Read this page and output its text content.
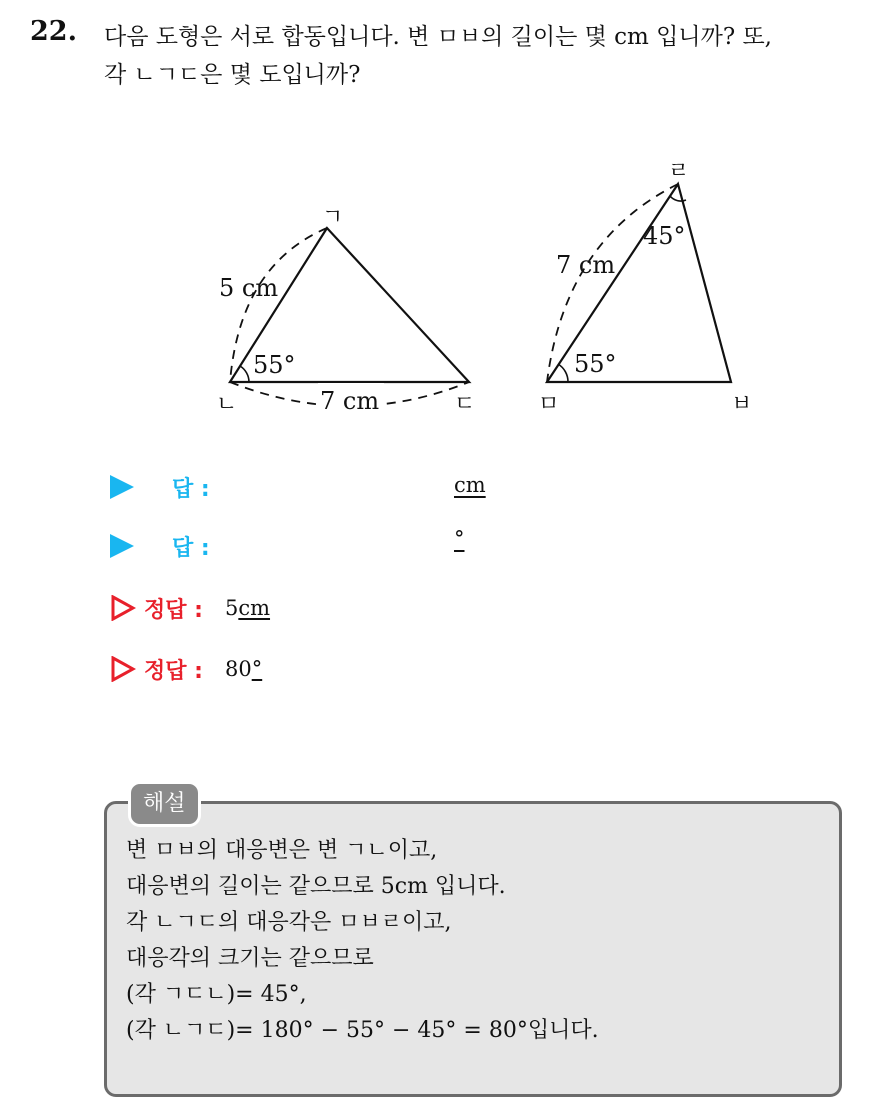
22. 다음 도형은 서로 합동입니다. 변 ㅁㅂ의 길이는 몇 cm 입니까? 또,
각 ㄴㄱㄷ은 몇 도입니까?
ㄱ
ㄴ	ㄷ
5 cm
7 cm
55°
ㄹ
ㅁ	ㅂ
7 cm
45°
55°
답 :	cm
답 :	°
정답 : 5cm
정답 : 80°
해설
변 ㅁㅂ의 대응변은 변 ㄱㄴ이고,
대응변의 길이는 같으므로 5cm 입니다.
각 ㄴㄱㄷ의 대응각은 ㅁㅂㄹ이고,
대응각의 크기는 같으므로
(각 ㄱㄷㄴ)= 45°,
(각 ㄴㄱㄷ)= 180° − 55° − 45° = 80°입니다.
